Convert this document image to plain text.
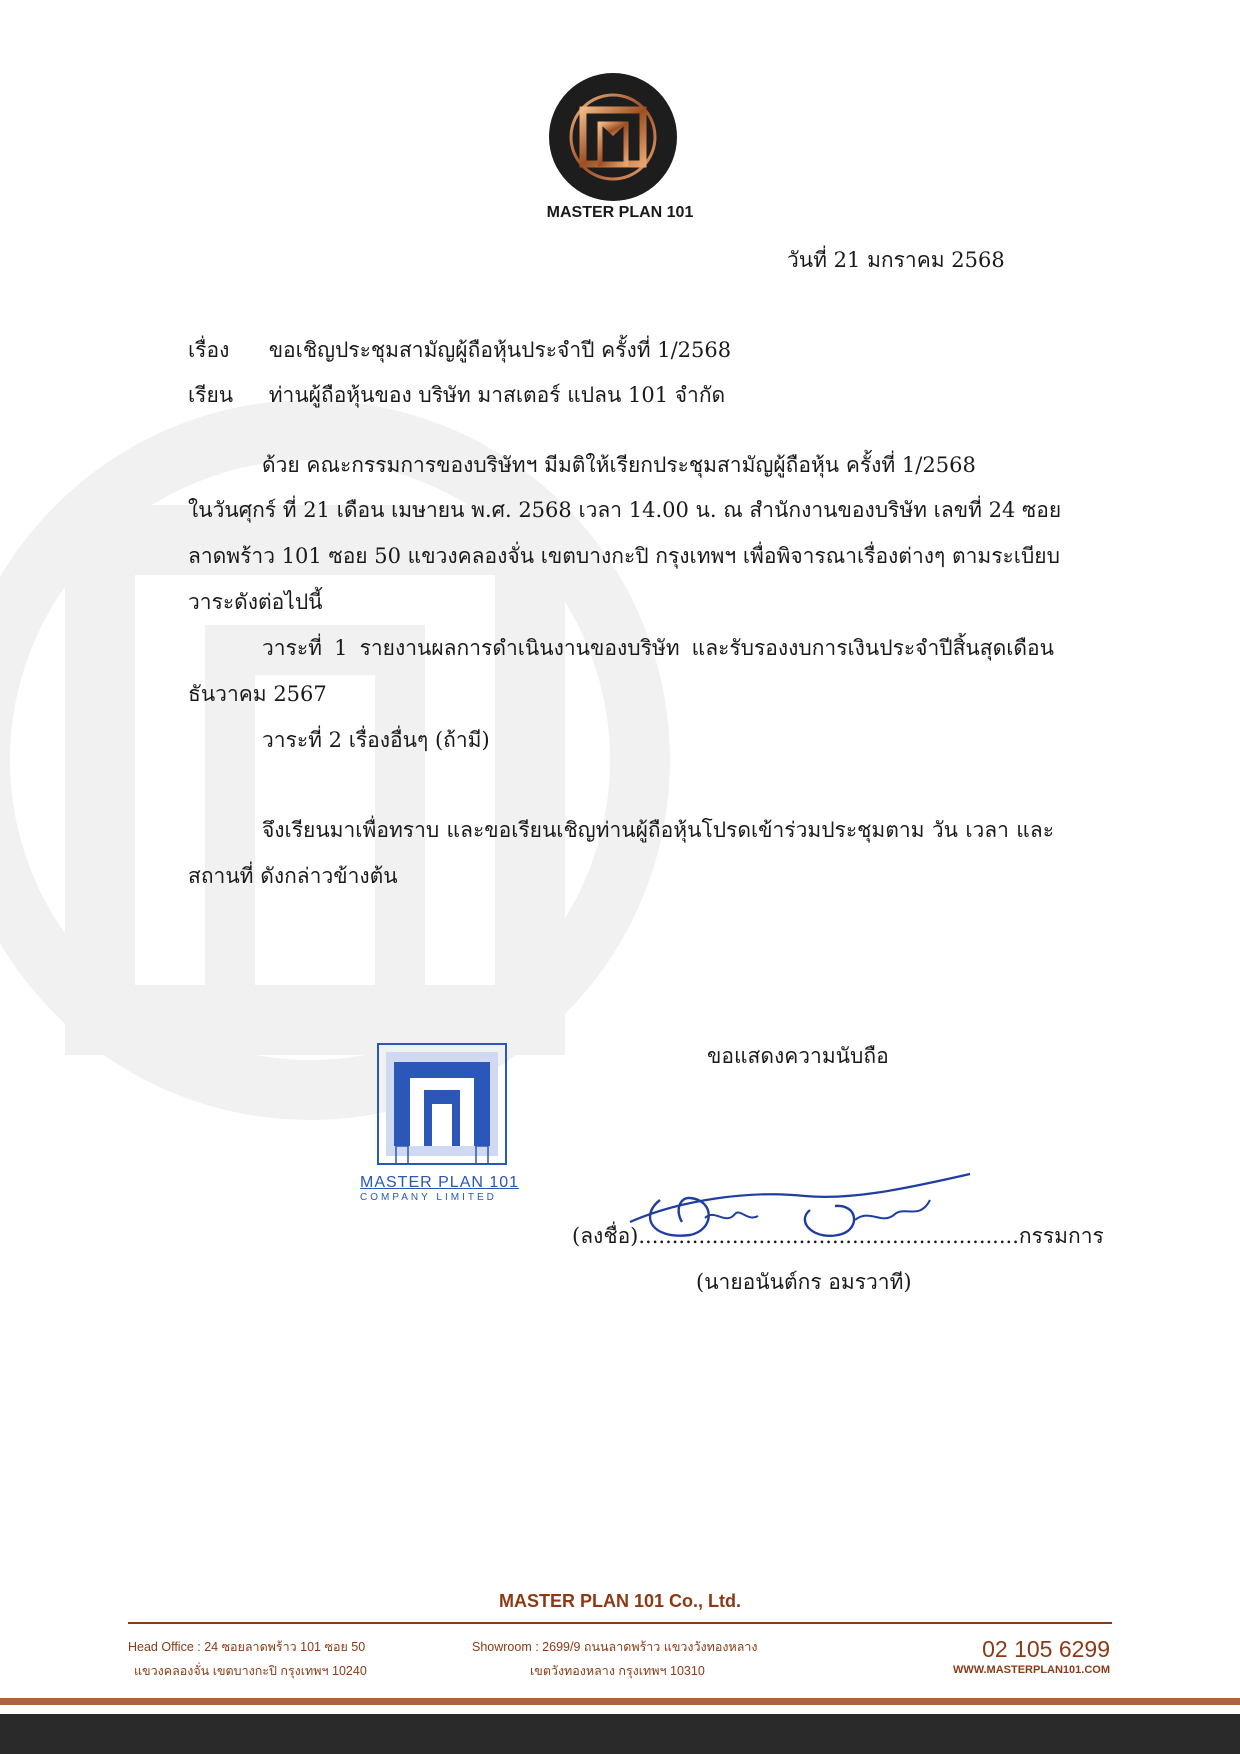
MASTER PLAN 101
วันที่ 21 มกราคม 2568
เรื่อง ขอเชิญประชุมสามัญผู้ถือหุ้นประจำปี ครั้งที่ 1/2568
เรียน ท่านผู้ถือหุ้นของ บริษัท มาสเตอร์ แปลน 101 จำกัด
ด้วย คณะกรรมการของบริษัทฯ มีมติให้เรียกประชุมสามัญผู้ถือหุ้น ครั้งที่ 1/2568
ในวันศุกร์ ที่ 21 เดือน เมษายน พ.ศ. 2568 เวลา 14.00 น. ณ สำนักงานของบริษัท เลขที่ 24 ซอย
ลาดพร้าว 101 ซอย 50 แขวงคลองจั่น เขตบางกะปิ กรุงเทพฯ เพื่อพิจารณาเรื่องต่างๆ ตามระเบียบ
วาระดังต่อไปนี้
วาระที่ 1 รายงานผลการดำเนินงานของบริษัท และรับรองงบการเงินประจำปีสิ้นสุดเดือน
ธันวาคม 2567
วาระที่ 2 เรื่องอื่นๆ (ถ้ามี)
จึงเรียนมาเพื่อทราบ และขอเรียนเชิญท่านผู้ถือหุ้นโปรดเข้าร่วมประชุมตาม วัน เวลา และ
สถานที่ ดังกล่าวข้างต้น
ขอแสดงความนับถือ
MASTER PLAN 101
COMPANY LIMITED
(ลงชื่อ).........................................................กรรมการ
(นายอนันต์กร อมรวาที)
MASTER PLAN 101 Co., Ltd.
Head Office : 24 ซอยลาดพร้าว 101 ซอย 50
แขวงคลองจั่น เขตบางกะปิ กรุงเทพฯ 10240
Showroom : 2699/9 ถนนลาดพร้าว แขวงวังทองหลาง
เขตวังทองหลาง กรุงเทพฯ 10310
02 105 6299
WWW.MASTERPLAN101.COM
